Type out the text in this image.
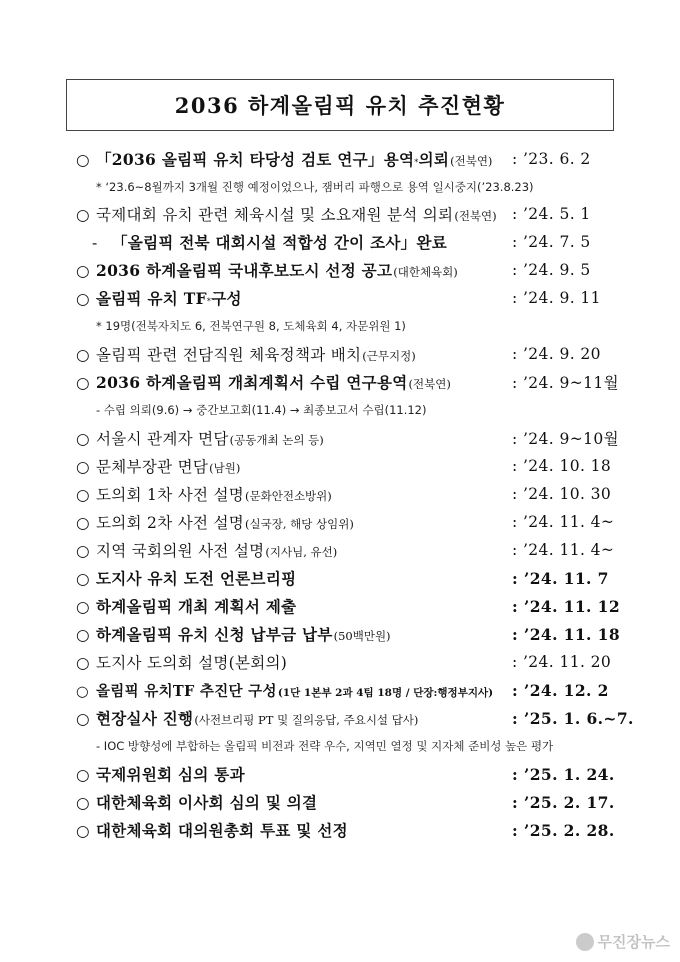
2036 하계올림픽 유치 추진현황
: ’23. 6. 2
○ 「2036 올림픽 유치 타당성 검토 연구」용역 * 의뢰 (전북연)
* ‘23.6~8월까지 3개월 진행 예정이었으나, 잼버리 파행으로 용역 일시중지(’23.8.23)
: ’24. 5. 1
○ 국제대회 유치 관련 체육시설 및 소요재원 분석 의뢰 (전북연)
: ’24. 7. 5
- 「올림픽 전북 대회시설 적합성 간이 조사」완료
: ’24. 9. 5
○ 2036 하계올림픽 국내후보도시 선정 공고 (대한체육회)
: ’24. 9. 11
○ 올림픽 유치 TF * 구성
* 19명(전북자치도 6, 전북연구원 8, 도체육회 4, 자문위원 1)
: ’24. 9. 20
○ 올림픽 관련 전담직원 체육정책과 배치 (근무지정)
: ’24. 9~11월
○ 2036 하계올림픽 개최계획서 수립 연구용역 (전북연)
- 수립 의뢰(9.6) → 중간보고회(11.4) → 최종보고서 수립(11.12)
: ’24. 9~10월
○ 서울시 관계자 면담 (공동개최 논의 등)
: ’24. 10. 18
○ 문체부장관 면담 (남원)
: ’24. 10. 30
○ 도의회 1차 사전 설명 (문화안전소방위)
: ’24. 11. 4~
○ 도의회 2차 사전 설명 (실국장, 해당 상임위)
: ’24. 11. 4~
○ 지역 국회의원 사전 설명 (지사님, 유선)
: ’24. 11. 7
○ 도지사 유치 도전 언론브리핑
: ’24. 11. 12
○ 하계올림픽 개최 계획서 제출
: ’24. 11. 18
○ 하계올림픽 유치 신청 납부금 납부 (50백만원)
: ’24. 11. 20
○ 도지사 도의회 설명(본회의)
: ’24. 12. 2
○ 올림픽 유치TF 추진단 구성 (1단 1본부 2과 4팀 18명 / 단장:행정부지사)
: ’25. 1. 6.~7.
○ 현장실사 진행 (사전브리핑 PT 및 질의응답, 주요시설 답사)
- IOC 방향성에 부합하는 올림픽 비전과 전략 우수, 지역민 열정 및 지자체 준비성 높은 평가
: ’25. 1. 24.
○ 국제위원회 심의 통과
: ’25. 2. 17.
○ 대한체육회 이사회 심의 및 의결
: ’25. 2. 28.
○ 대한체육회 대의원총회 투표 및 선정
무진장뉴스
